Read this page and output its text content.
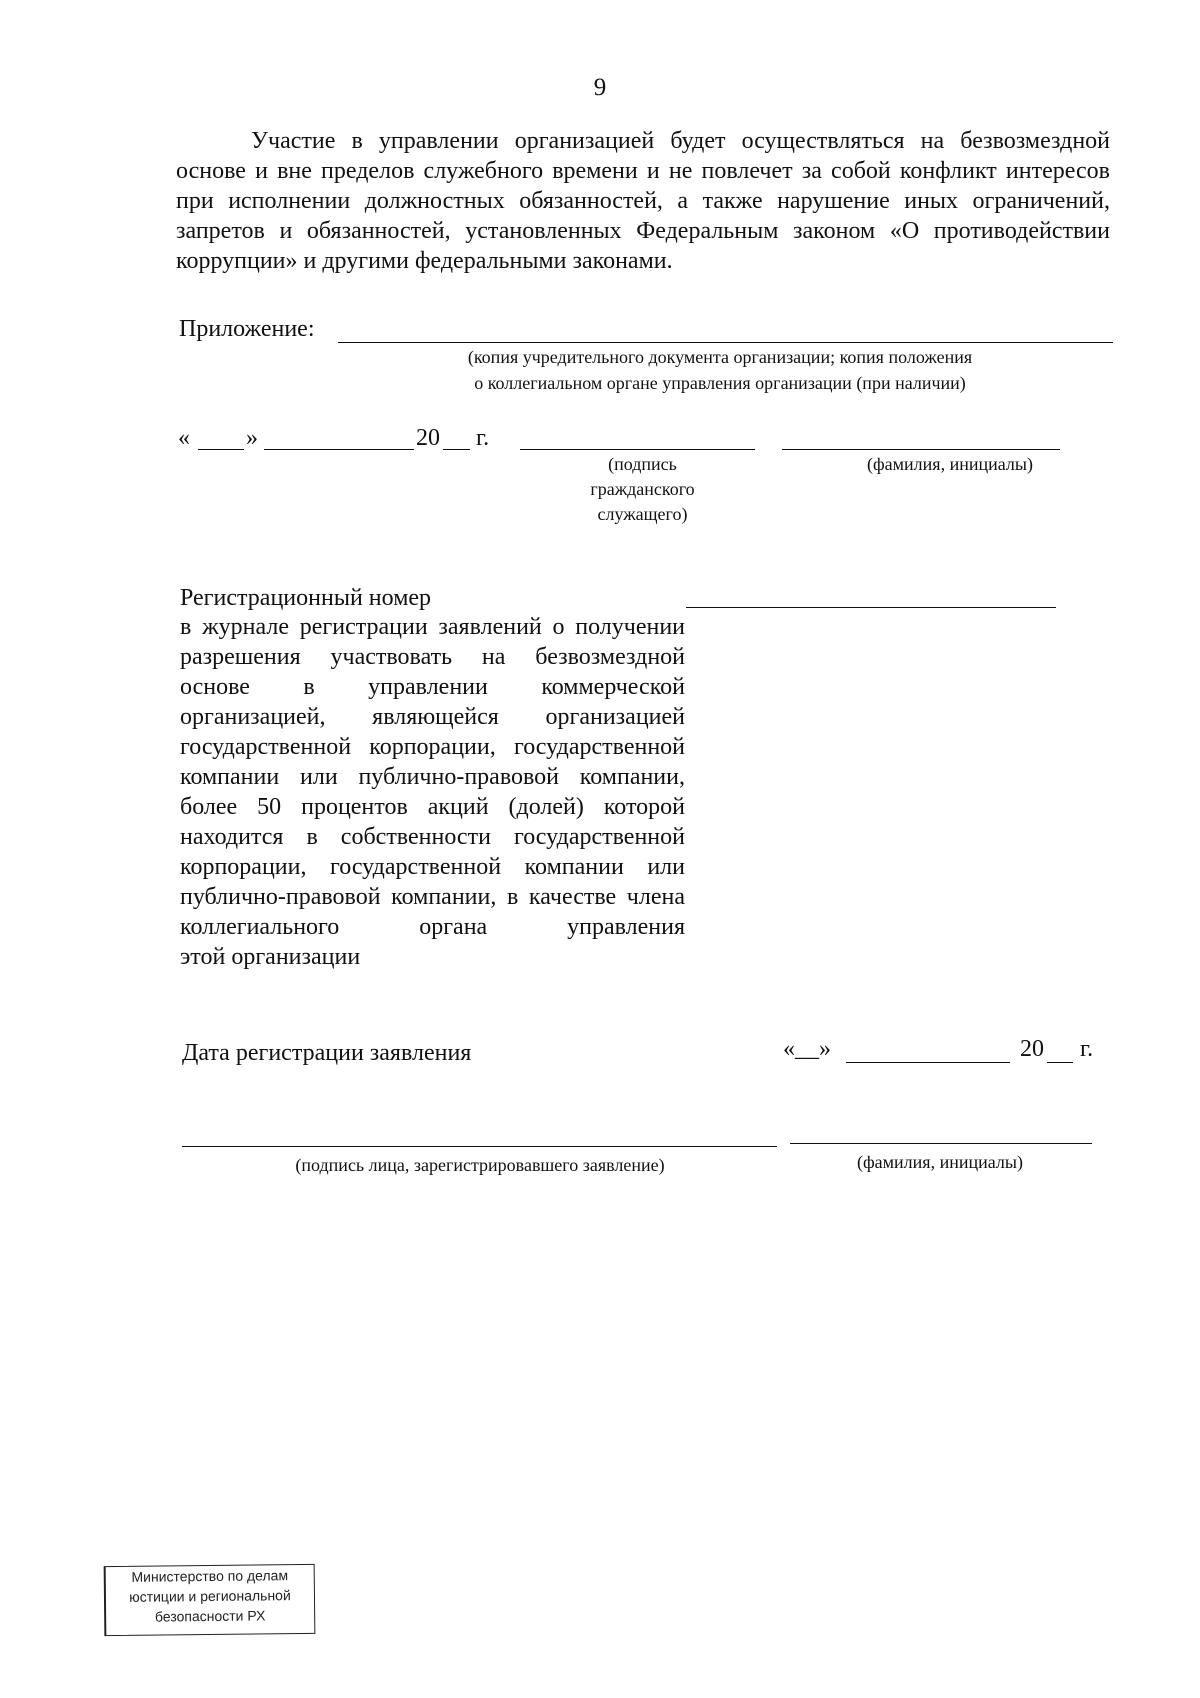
9

Участие в управлении организацией будет осуществляться на безвозмездной основе и вне пределов служебного времени и не повлечет за собой конфликт интересов при исполнении должностных обязанностей, а также нарушение иных ограничений, запретов и обязанностей, установленных Федеральным законом «О противодействии коррупции» и другими федеральными законами.

Приложение:
(копия учредительного документа организации; копия положения
о коллегиальном органе управления организации (при наличии)
« »	20 г.
(подпись
гражданского
служащего)
(фамилия, инициалы)
Регистрационный номер
в журнале регистрации заявлений о получении разрешения участвовать на безвозмездной основе в управлении коммерческой организацией, являющейся организацией государственной корпорации, государственной компании или публично-правовой компании, более 50 процентов акций (долей) которой находится в собственности государственной корпорации, государственной компании или публично-правовой компании, в качестве члена коллегиального органа управления
этой организации
Дата регистрации заявления	«__»	20 г.
(подпись лица, зарегистрировавшего заявление)	(фамилия, инициалы)
Министерство по делам
юстиции и региональной
безопасности РХ
